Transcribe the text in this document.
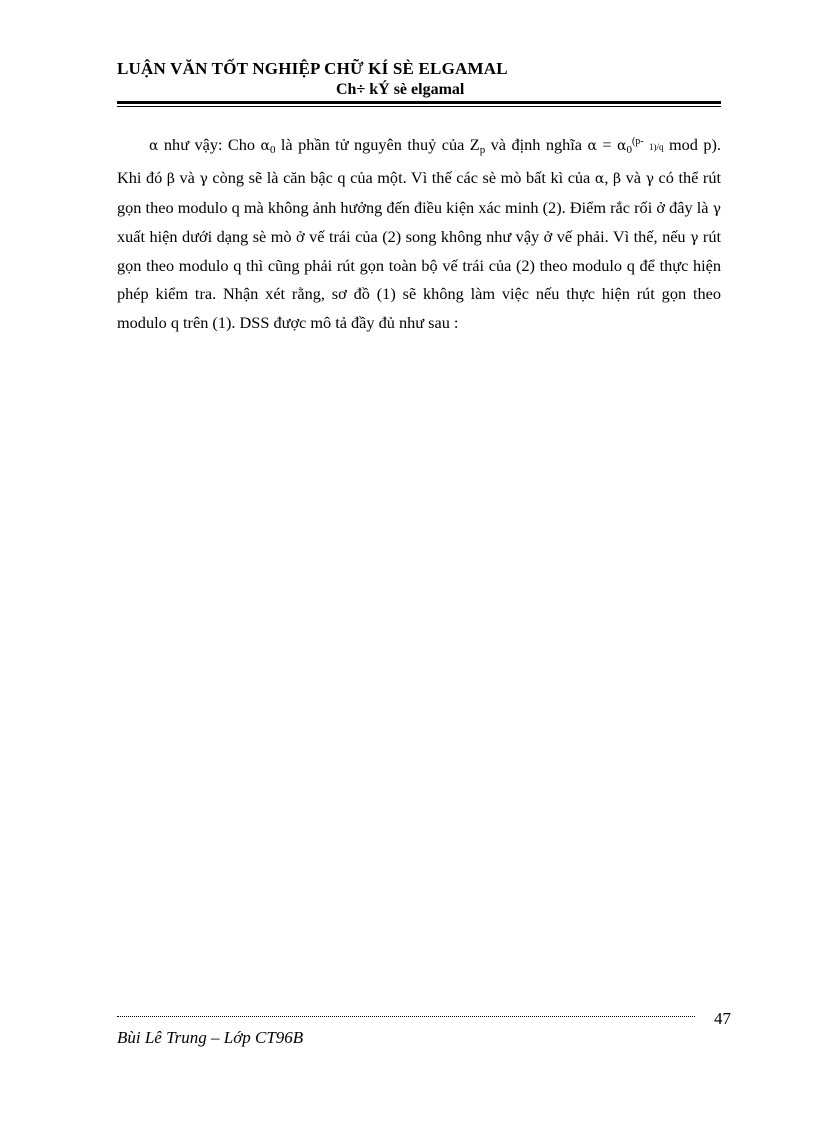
LUẬN VĂN TỐT NGHIỆP CHỮ KÍ SÈ ELGAMAL
Ch÷ kÝ sè elgamal

α như vậy: Cho $\alpha_0$ là phần tử nguyên thuỷ của $Z_p$ và định nghĩa $\alpha = \alpha_0^{(p-}$ 1)/q mod p). Khi đó β và γ còng sẽ là căn bậc q của một. Vì thế các sè mò bất kì của α, β và γ có thể rút gọn theo modulo q mà không ảnh hưởng đến điều kiện xác minh (2). Điểm rắc rối ở đây là γ xuất hiện dưới dạng sè mò ở vế trái của (2) song không như vậy ở vế phải. Vì thế, nếu γ rút gọn theo modulo q thì cũng phải rút gọn toàn bộ vế trái của (2) theo modulo q để thực hiện phép kiểm tra. Nhận xét rằng, sơ đồ (1) sẽ không làm việc nếu thực hiện rút gọn theo modulo q trên (1). DSS được mô tả đầy đủ như sau :

47
Bùi Lê Trung – Lớp CT96B
